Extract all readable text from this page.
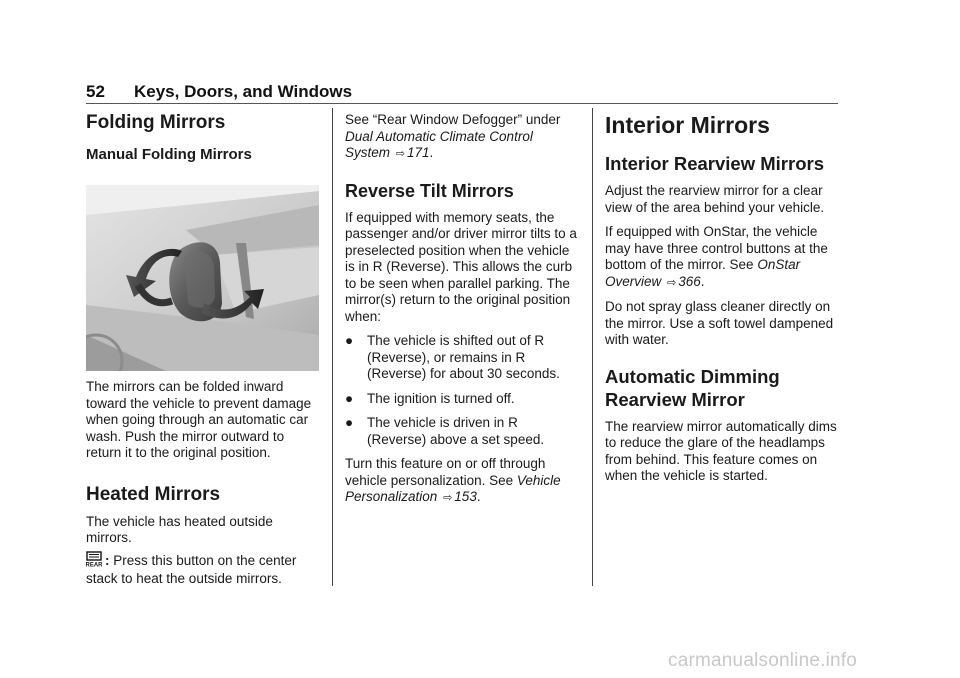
52 Keys, Doors, and Windows
Folding Mirrors
Manual Folding Mirrors

The mirrors can be folded inward toward the vehicle to prevent damage when going through an automatic car wash. Push the mirror outward to return it to the original position.

Heated Mirrors

The vehicle has heated outside mirrors.

REAR : Press this button on the center stack to heat the outside mirrors.

See “Rear Window Defogger” under Dual Automatic Climate Control System ⇨ 171.

Reverse Tilt Mirrors

If equipped with memory seats, the passenger and/or driver mirror tilts to a preselected position when the vehicle is in R (Reverse). This allows the curb to be seen when parallel parking. The mirror(s) return to the original position when:

●	The vehicle is shifted out of R (Reverse), or remains in R (Reverse) for about 30 seconds.
●	The ignition is turned off.
●	The vehicle is driven in R (Reverse) above a set speed.

Turn this feature on or off through vehicle personalization. See Vehicle Personalization ⇨ 153.

Interior Mirrors
Interior Rearview Mirrors

Adjust the rearview mirror for a clear view of the area behind your vehicle.

If equipped with OnStar, the vehicle may have three control buttons at the bottom of the mirror. See OnStar Overview ⇨ 366.

Do not spray glass cleaner directly on the mirror. Use a soft towel dampened with water.

Automatic Dimming Rearview Mirror

The rearview mirror automatically dims to reduce the glare of the headlamps from behind. This feature comes on when the vehicle is started.

carmanualsonline.info
